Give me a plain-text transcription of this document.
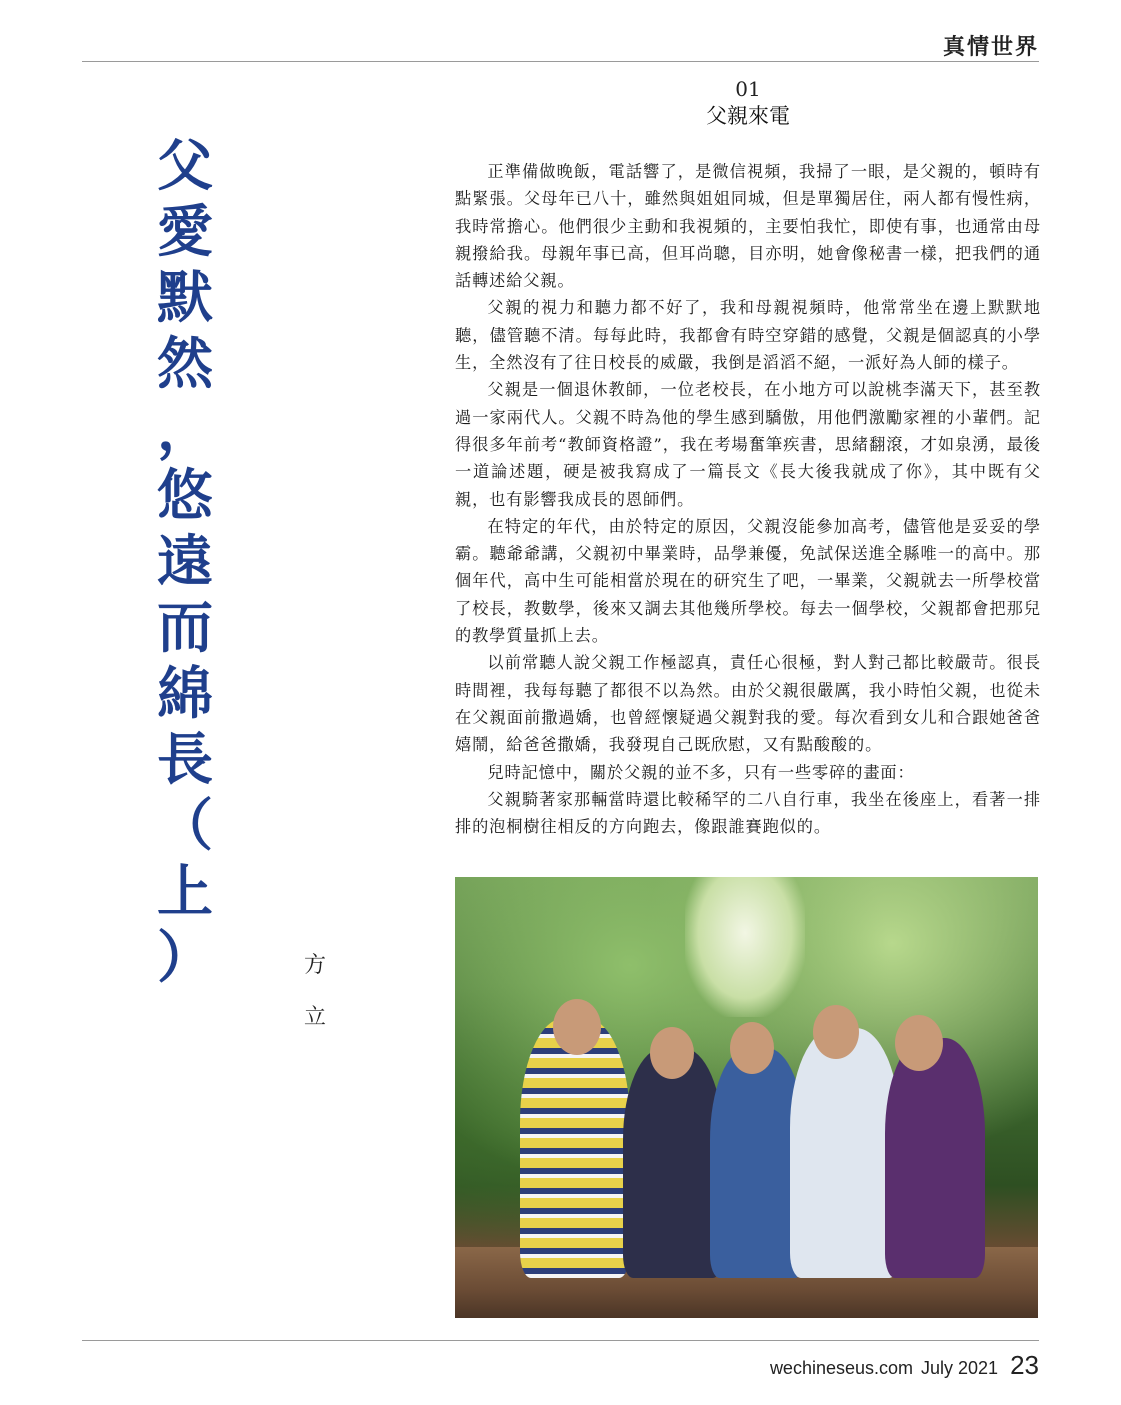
真情世界
父
愛
默
然
，
悠
遠
而
綿
長
（
上
）	方
立
01
父親來電

正準備做晚飯，電話響了，是微信視頻，我掃了一眼，是父親的，頓時有點緊張。父母年已八十，雖然與姐姐同城，但是單獨居住，兩人都有慢性病，我時常擔心。他們很少主動和我視頻的，主要怕我忙，即使有事，也通常由母親撥給我。母親年事已高，但耳尚聰，目亦明，她會像秘書一樣，把我們的通話轉述給父親。

父親的視力和聽力都不好了，我和母親視頻時，他常常坐在邊上默默地聽，儘管聽不清。每每此時，我都會有時空穿錯的感覺，父親是個認真的小學生，全然沒有了往日校長的威嚴，我倒是滔滔不絕，一派好為人師的樣子。

父親是一個退休教師，一位老校長，在小地方可以說桃李滿天下，甚至教過一家兩代人。父親不時為他的學生感到驕傲，用他們激勵家裡的小輩們。記得很多年前考“教師資格證”，我在考場奮筆疾書，思緒翻滾，才如泉湧，最後一道論述題，硬是被我寫成了一篇長文《長大後我就成了你》，其中既有父親，也有影響我成長的恩師們。

在特定的年代，由於特定的原因，父親沒能參加高考，儘管他是妥妥的學霸。聽爺爺講，父親初中畢業時，品學兼優，免試保送進全縣唯一的高中。那個年代，高中生可能相當於現在的研究生了吧，一畢業，父親就去一所學校當了校長，教數學，後來又調去其他幾所學校。每去一個學校，父親都會把那兒的教學質量抓上去。

以前常聽人說父親工作極認真，責任心很極，對人對己都比較嚴苛。很長時間裡，我每每聽了都很不以為然。由於父親很嚴厲，我小時怕父親，也從未在父親面前撒過嬌，也曾經懷疑過父親對我的愛。每次看到女儿和合跟她爸爸嬉鬧，給爸爸撒嬌，我發現自己既欣慰，又有點酸酸的。

兒時記憶中，關於父親的並不多，只有一些零碎的畫面：

父親騎著家那輛當時還比較稀罕的二八自行車，我坐在後座上，看著一排排的泡桐樹往相反的方向跑去，像跟誰賽跑似的。

wechineseus.com July 2021 23
